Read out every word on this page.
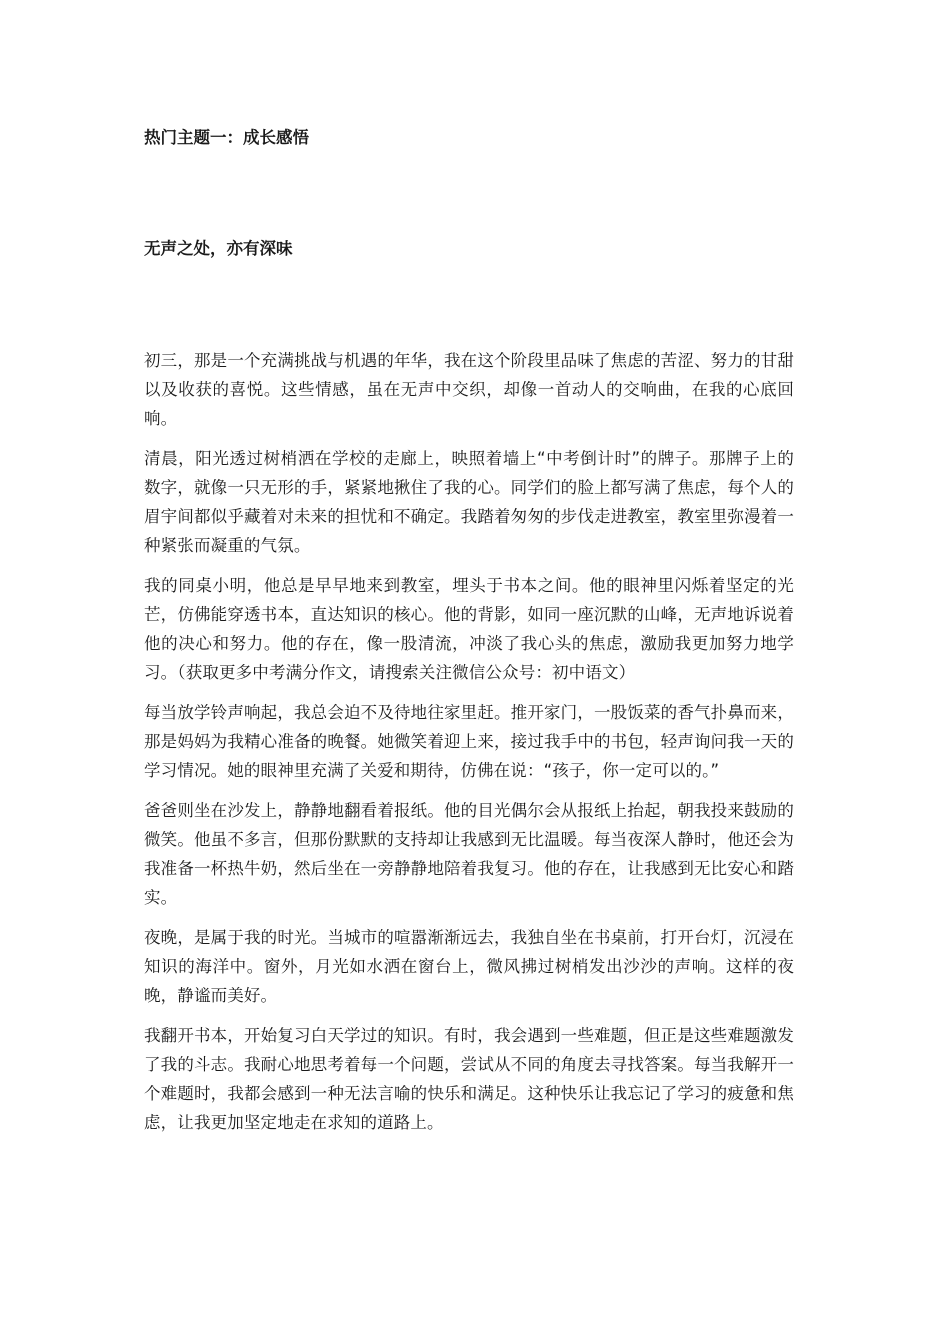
热门主题一：成长感悟
无声之处，亦有深味

初三，那是一个充满挑战与机遇的年华，我在这个阶段里品味了焦虑的苦涩、努力的甘甜以及收获的喜悦。这些情感，虽在无声中交织，却像一首动人的交响曲，在我的心底回响。

清晨，阳光透过树梢洒在学校的走廊上，映照着墙上“中考倒计时”的牌子。那牌子上的数字，就像一只无形的手，紧紧地揪住了我的心。同学们的脸上都写满了焦虑，每个人的眉宇间都似乎藏着对未来的担忧和不确定。我踏着匆匆的步伐走进教室，教室里弥漫着一种紧张而凝重的气氛。

我的同桌小明，他总是早早地来到教室，埋头于书本之间。他的眼神里闪烁着坚定的光芒，仿佛能穿透书本，直达知识的核心。他的背影，如同一座沉默的山峰，无声地诉说着他的决心和努力。他的存在，像一股清流，冲淡了我心头的焦虑，激励我更加努力地学习。（获取更多中考满分作文，请搜索关注微信公众号：初中语文）

每当放学铃声响起，我总会迫不及待地往家里赶。推开家门，一股饭菜的香气扑鼻而来，那是妈妈为我精心准备的晚餐。她微笑着迎上来，接过我手中的书包，轻声询问我一天的学习情况。她的眼神里充满了关爱和期待，仿佛在说：“孩子，你一定可以的。”

爸爸则坐在沙发上，静静地翻看着报纸。他的目光偶尔会从报纸上抬起，朝我投来鼓励的微笑。他虽不多言，但那份默默的支持却让我感到无比温暖。每当夜深人静时，他还会为我准备一杯热牛奶，然后坐在一旁静静地陪着我复习。他的存在，让我感到无比安心和踏实。

夜晚，是属于我的时光。当城市的喧嚣渐渐远去，我独自坐在书桌前，打开台灯，沉浸在知识的海洋中。窗外，月光如水洒在窗台上，微风拂过树梢发出沙沙的声响。这样的夜晚，静谧而美好。

我翻开书本，开始复习白天学过的知识。有时，我会遇到一些难题，但正是这些难题激发了我的斗志。我耐心地思考着每一个问题，尝试从不同的角度去寻找答案。每当我解开一个难题时，我都会感到一种无法言喻的快乐和满足。这种快乐让我忘记了学习的疲惫和焦虑，让我更加坚定地走在求知的道路上。
